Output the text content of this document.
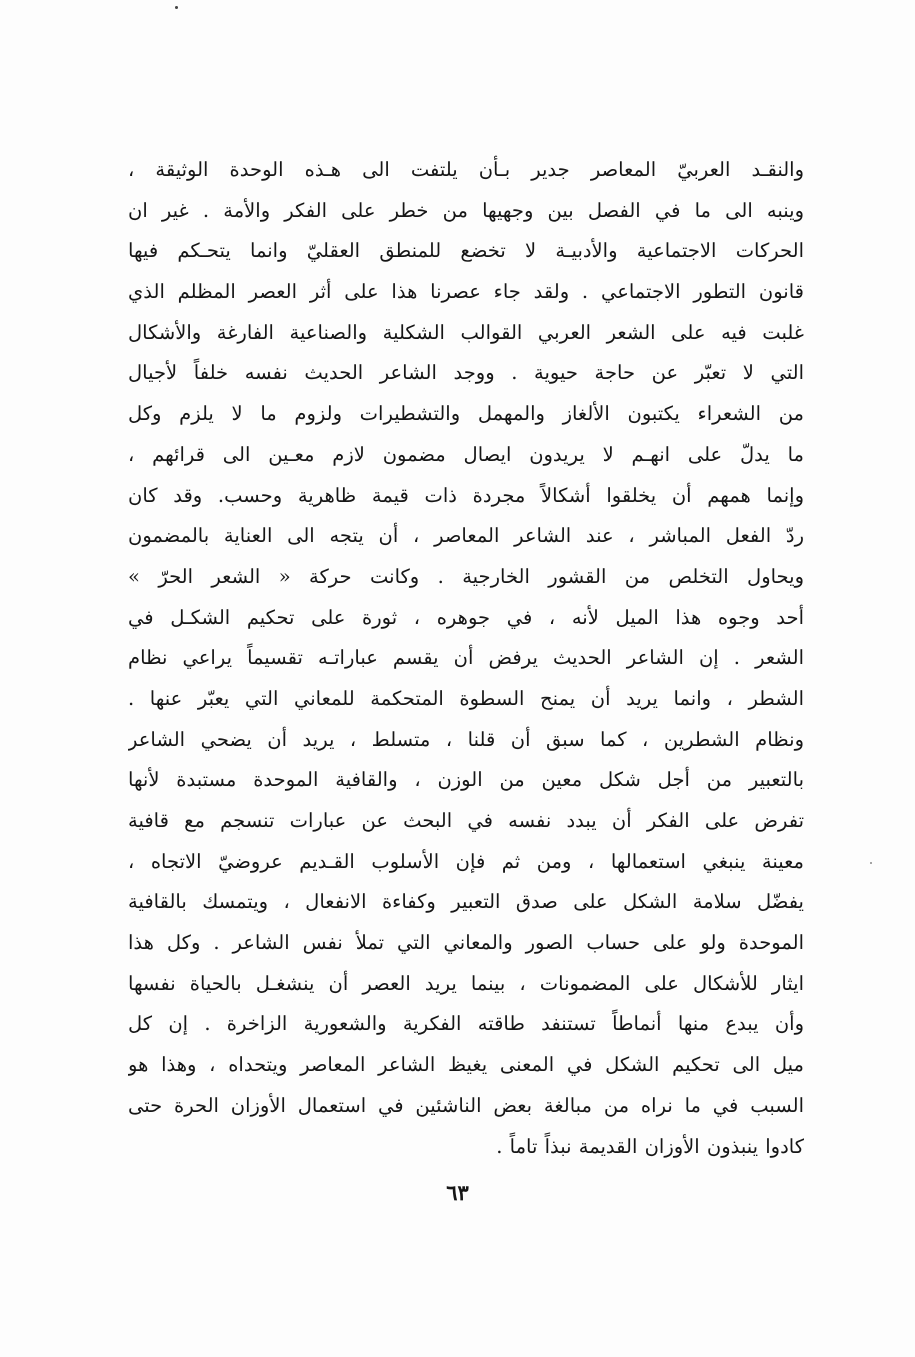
والنقـد العربيّ المعاصر جدير بـأن يلتفت الى هـذه الوحدة الوثيقة ،
وينبه الى ما في الفصل بين وجهيها من خطر على الفكر والأمة . غير ان
الحركات الاجتماعية والأدبيـة لا تخضع للمنطق العقليّ وانما يتحـكم فيها
قانون التطور الاجتماعي . ولقد جاء عصرنا هذا على أثر العصر المظلم الذي
غلبت فيه على الشعر العربي القوالب الشكلية والصناعية الفارغة والأشكال
التي لا تعبّر عن حاجة حيوية . ووجد الشاعر الحديث نفسه خلفاً لأجيال
من الشعراء يكتبون الألغاز والمهمل والتشطيرات ولزوم ما لا يلزم وكل
ما يدلّ على انهـم لا يريدون ايصال مضمون لازم معـين الى قرائهم ،
وإنما همهم أن يخلقوا أشكالاً مجردة ذات قيمة ظاهرية وحسب. وقد كان
ردّ الفعل المباشر ، عند الشاعر المعاصر ، أن يتجه الى العناية بالمضمون
ويحاول التخلص من القشور الخارجية . وكانت حركة « الشعر الحرّ »
أحد وجوه هذا الميل لأنه ، في جوهره ، ثورة على تحكيم الشكـل في
الشعر . إن الشاعر الحديث يرفض أن يقسم عباراتـه تقسيماً يراعي نظام
الشطر ، وانما يريد أن يمنح السطوة المتحكمة للمعاني التي يعبّر عنها .
ونظام الشطرين ، كما سبق أن قلنا ، متسلط ، يريد أن يضحي الشاعر
بالتعبير من أجل شكل معين من الوزن ، والقافية الموحدة مستبدة لأنها
تفرض على الفكر أن يبدد نفسه في البحث عن عبارات تنسجم مع قافية
معينة ينبغي استعمالها ، ومن ثم فإن الأسلوب القـديم عروضيّ الاتجاه ،
يفضّل سلامة الشكل على صدق التعبير وكفاءة الانفعال ، ويتمسك بالقافية
الموحدة ولو على حساب الصور والمعاني التي تملأ نفس الشاعر . وكل هذا
ايثار للأشكال على المضمونات ، بينما يريد العصر أن ينشغـل بالحياة نفسها
وأن يبدع منها أنماطاً تستنفد طاقته الفكرية والشعورية الزاخرة . إن كل
ميل الى تحكيم الشكل في المعنى يغيظ الشاعر المعاصر ويتحداه ، وهذا هو
السبب في ما نراه من مبالغة بعض الناشئين في استعمال الأوزان الحرة حتى
كادوا ينبذون الأوزان القديمة نبذاً تاماً .
٦٣
